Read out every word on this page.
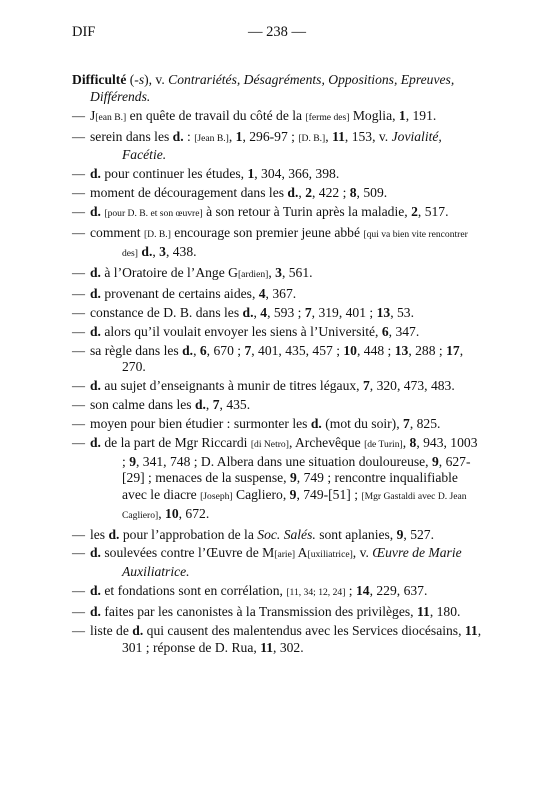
DIF	— 238 —
Difficulté (-s), v. Contrariétés, Désagréments, Oppositions, Epreuves, Différends.
— J[ean B.] en quête de travail du côté de la [ferme des] Moglia, 1, 191.
— serein dans les d. : [Jean B.], 1, 296-97 ; [D. B.], 11, 153, v. Jovialité, Facétie.
— d. pour continuer les études, 1, 304, 366, 398.
— moment de découragement dans les d., 2, 422 ; 8, 509.
— d. [pour D. B. et son œuvre] à son retour à Turin après la maladie, 2, 517.
— comment [D. B.] encourage son premier jeune abbé [qui va bien vite rencontrer des] d., 3, 438.
— d. à l’Oratoire de l’Ange G[ardien], 3, 561.
— d. provenant de certains aides, 4, 367.
— constance de D. B. dans les d., 4, 593 ; 7, 319, 401 ; 13, 53.
— d. alors qu’il voulait envoyer les siens à l’Université, 6, 347.
— sa règle dans les d., 6, 670 ; 7, 401, 435, 457 ; 10, 448 ; 13, 288 ; 17, 270.
— d. au sujet d’enseignants à munir de titres légaux, 7, 320, 473, 483.
— son calme dans les d., 7, 435.
— moyen pour bien étudier : surmonter les d. (mot du soir), 7, 825.
— d. de la part de Mgr Riccardi [di Netro], Archevêque [de Turin], 8, 943, 1003 ; 9, 341, 748 ; D. Albera dans une situation douloureuse, 9, 627-[29] ; menaces de la suspense, 9, 749 ; rencontre inqualifiable avec le diacre [Joseph] Cagliero, 9, 749-[51] ; [Mgr Gastaldi avec D. Jean Cagliero], 10, 672.
— les d. pour l’approbation de la Soc. Salés. sont aplanies, 9, 527.
— d. soulevées contre l’Œuvre de M[arie] A[uxiliatrice], v. Œuvre de Marie Auxiliatrice.
— d. et fondations sont en corrélation, [11, 34; 12, 24] ; 14, 229, 637.
— d. faites par les canonistes à la Transmission des privilèges, 11, 180.
— liste de d. qui causent des malentendus avec les Services diocésains, 11, 301 ; réponse de D. Rua, 11, 302.
